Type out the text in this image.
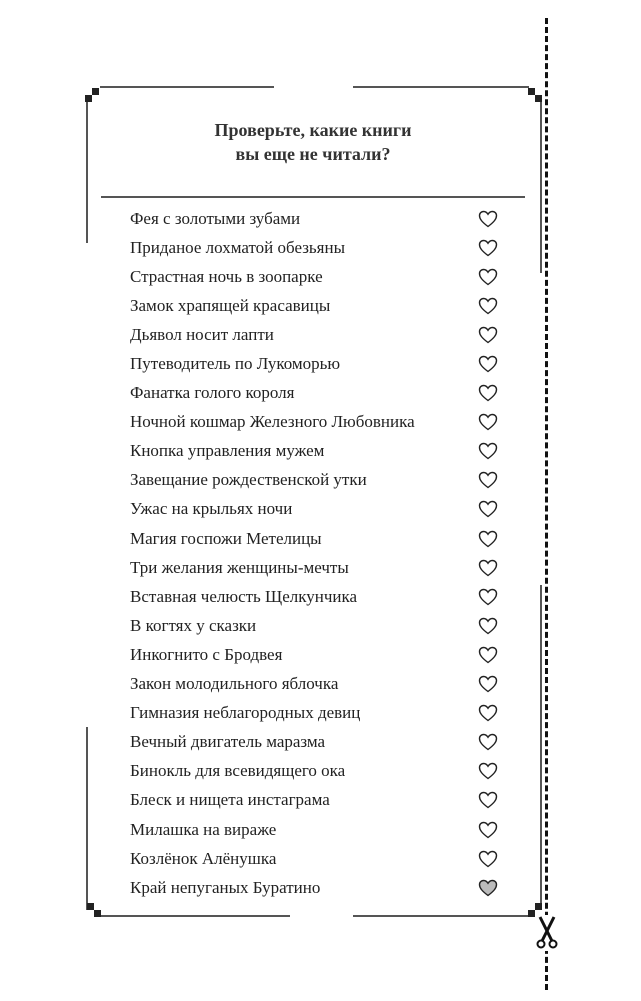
Проверьте, какие книги
вы еще не читали?
Фея с золотыми зубами
Приданое лохматой обезьяны
Страстная ночь в зоопарке
Замок храпящей красавицы
Дьявол носит лапти
Путеводитель по Лукоморью
Фанатка голого короля
Ночной кошмар Железного Любовника
Кнопка управления мужем
Завещание рождественской утки
Ужас на крыльях ночи
Магия госпожи Метелицы
Три желания женщины-мечты
Вставная челюсть Щелкунчика
В когтях у сказки
Инкогнито с Бродвея
Закон молодильного яблочка
Гимназия неблагородных девиц
Вечный двигатель маразма
Бинокль для всевидящего ока
Блеск и нищета инстаграма
Милашка на вираже
Козлёнок Алёнушка
Край непуганых Буратино
